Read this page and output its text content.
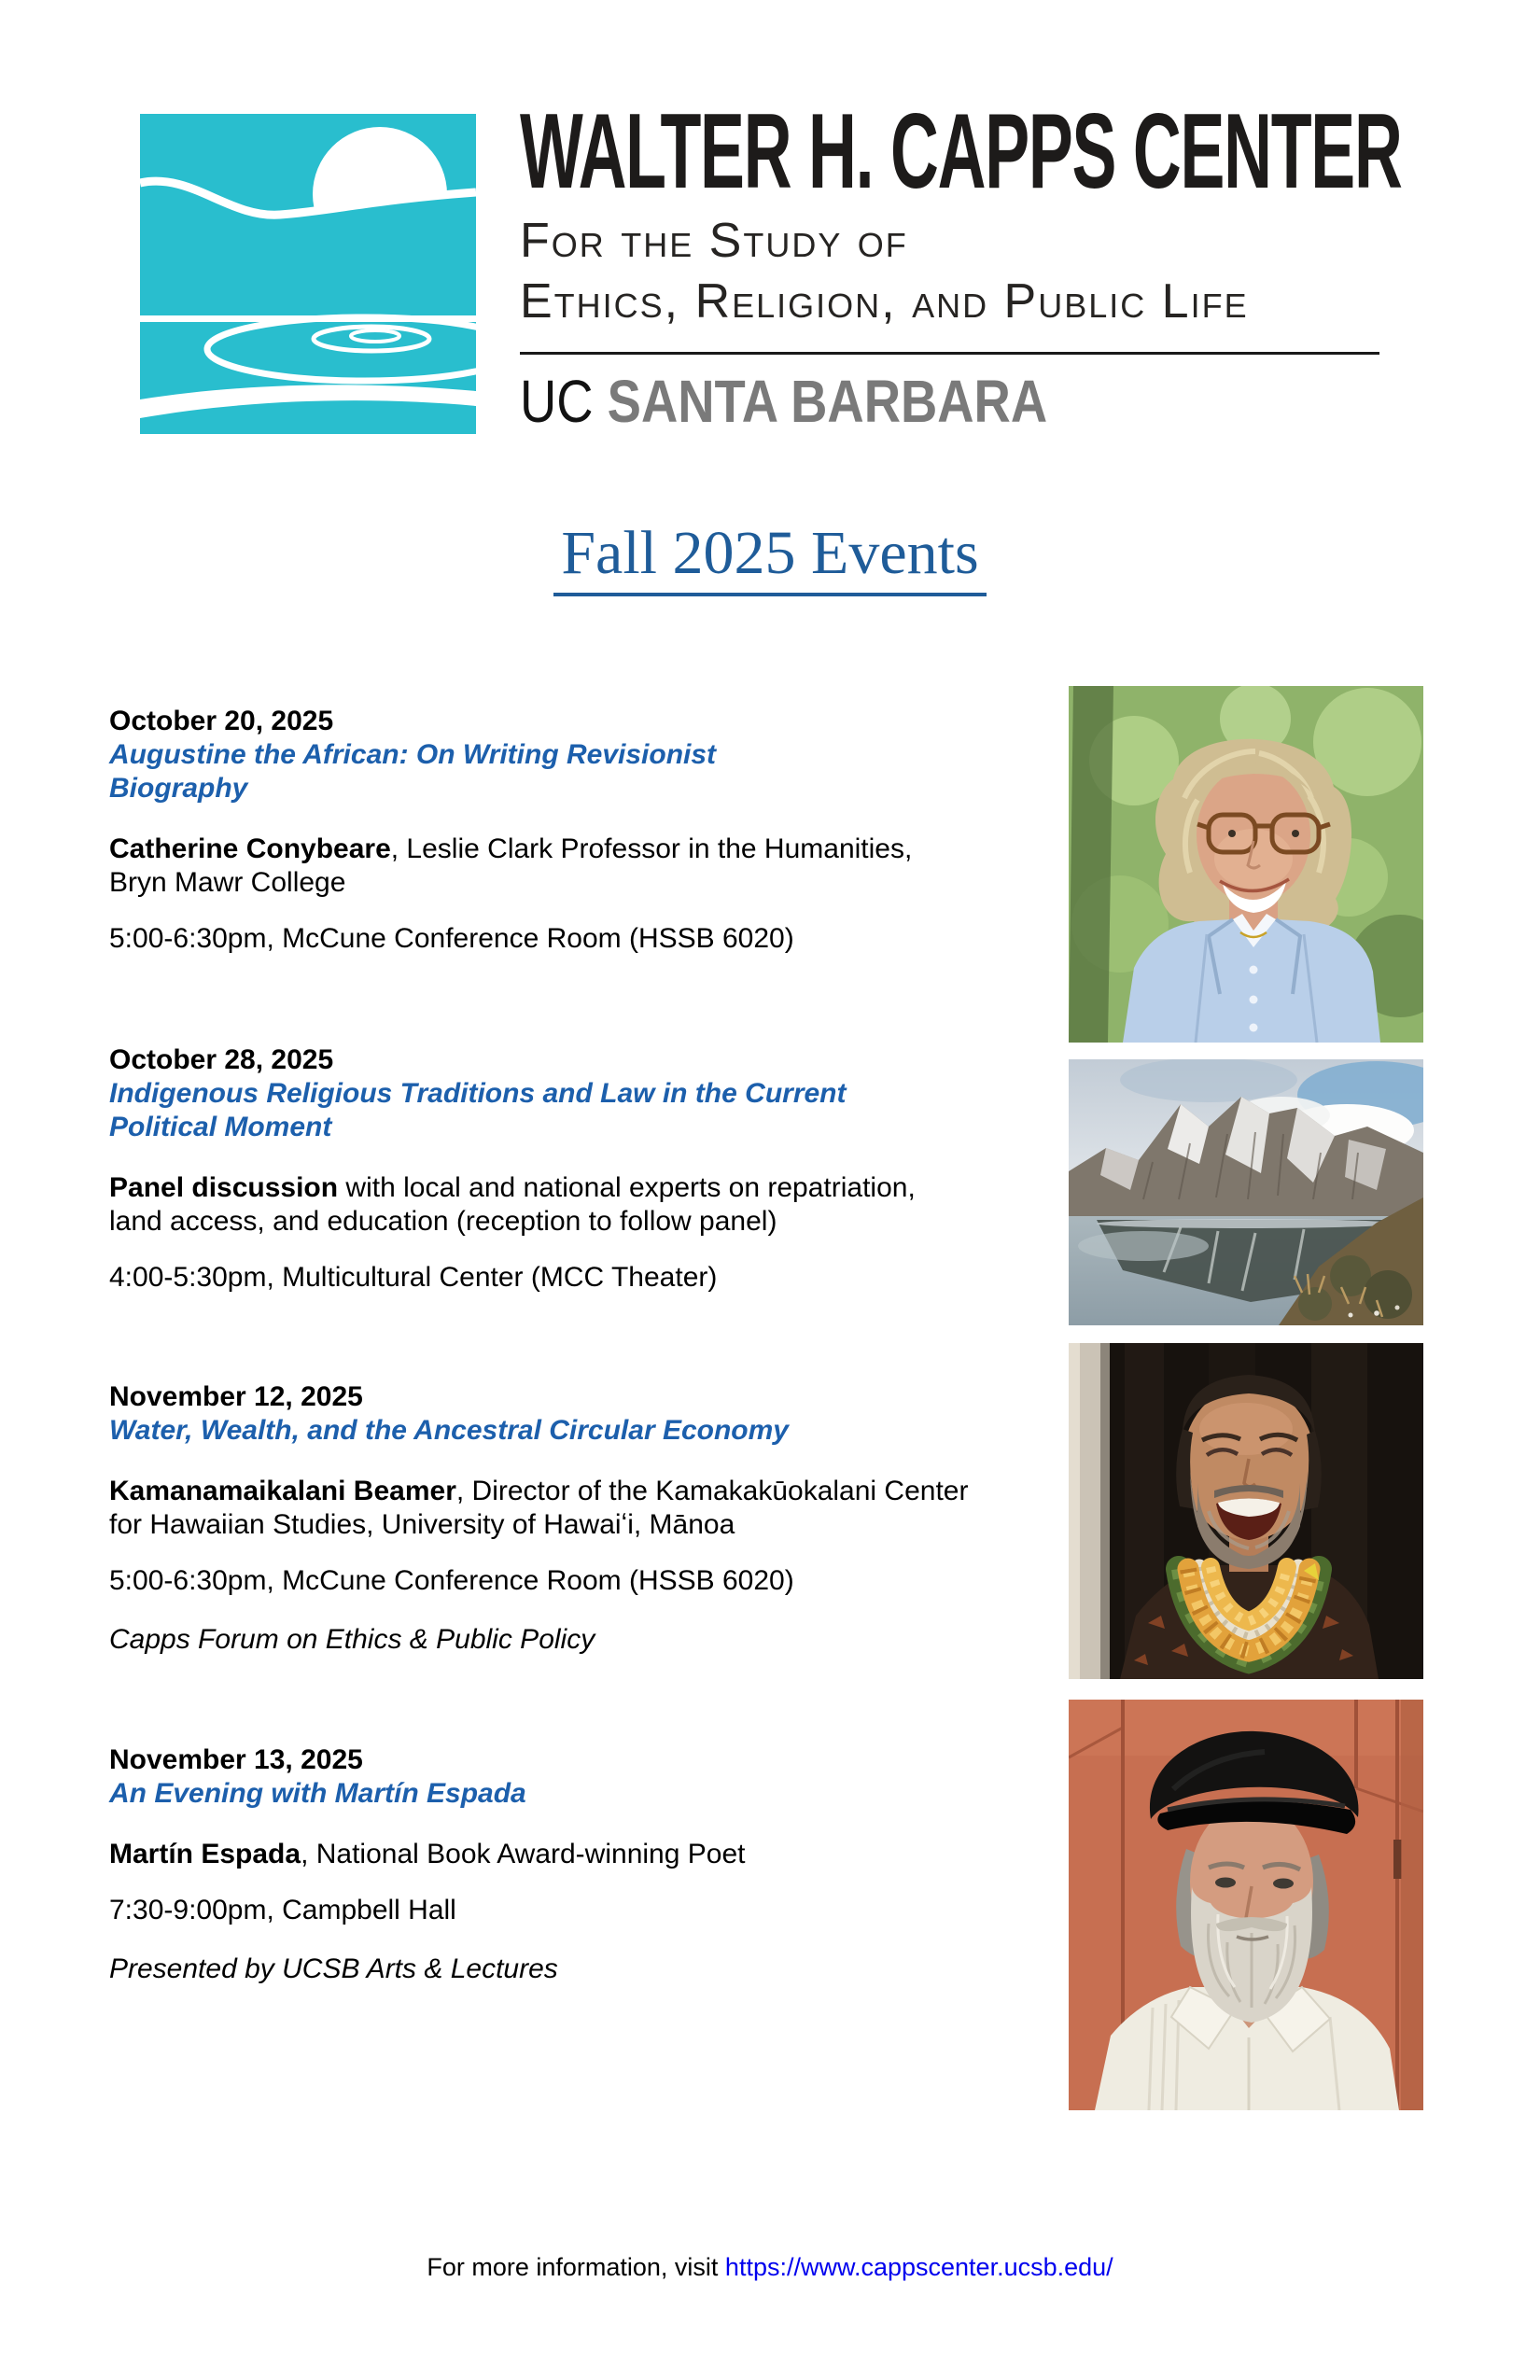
WALTER H. CAPPS CENTER
For the Study of
Ethics, Religion, and Public Life
UC SANTA BARBARA
Fall 2025 Events
October 20, 2025
Augustine the African: On Writing Revisionist
Biography
Catherine Conybeare, Leslie Clark Professor in the Humanities,
Bryn Mawr College
5:00-6:30pm, McCune Conference Room (HSSB 6020)
October 28, 2025
Indigenous Religious Traditions and Law in the Current
Political Moment
Panel discussion with local and national experts on repatriation,
land access, and education (reception to follow panel)
4:00-5:30pm, Multicultural Center (MCC Theater)
November 12, 2025
Water, Wealth, and the Ancestral Circular Economy
Kamanamaikalani Beamer, Director of the Kamakakūokalani Center
for Hawaiian Studies, University of Hawaiʻi, Mānoa
5:00-6:30pm, McCune Conference Room (HSSB 6020)
Capps Forum on Ethics & Public Policy
November 13, 2025
An Evening with Martín Espada
Martín Espada, National Book Award-winning Poet
7:30-9:00pm, Campbell Hall
Presented by UCSB Arts & Lectures
For more information, visit https://www.cappscenter.ucsb.edu/
